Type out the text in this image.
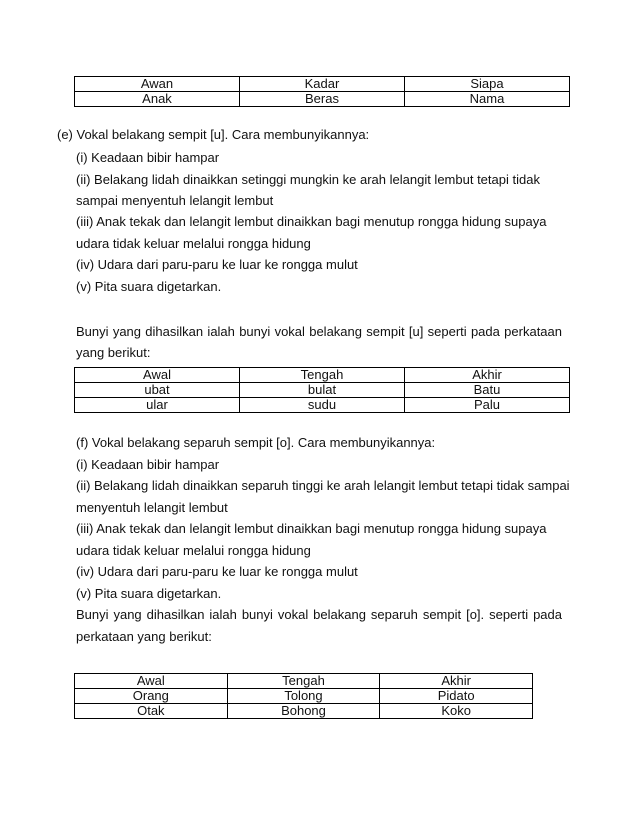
Awan	Kadar	Siapa
Anak	Beras	Nama
(e) Vokal belakang sempit [u]. Cara membunyikannya:
(i) Keadaan bibir hampar
(ii) Belakang lidah dinaikkan setinggi mungkin ke arah lelangit lembut tetapi tidak
sampai menyentuh lelangit lembut
(iii) Anak tekak dan lelangit lembut dinaikkan bagi menutup rongga hidung supaya
udara tidak keluar melalui rongga hidung
(iv) Udara dari paru-paru ke luar ke rongga mulut
(v) Pita suara digetarkan.
Bunyi yang dihasilkan ialah bunyi vokal belakang sempit [u] seperti pada perkataan
yang berikut:
Awal	Tengah	Akhir
ubat	bulat	Batu
ular	sudu	Palu
(f) Vokal belakang separuh sempit [o]. Cara membunyikannya:
(i) Keadaan bibir hampar
(ii) Belakang lidah dinaikkan separuh tinggi ke arah lelangit lembut tetapi tidak sampai
menyentuh lelangit lembut
(iii) Anak tekak dan lelangit lembut dinaikkan bagi menutup rongga hidung supaya
udara tidak keluar melalui rongga hidung
(iv) Udara dari paru-paru ke luar ke rongga mulut
(v) Pita suara digetarkan.
Bunyi yang dihasilkan ialah bunyi vokal belakang separuh sempit [o]. seperti pada
perkataan yang berikut:
Awal	Tengah	Akhir
Orang	Tolong	Pidato
Otak	Bohong	Koko
